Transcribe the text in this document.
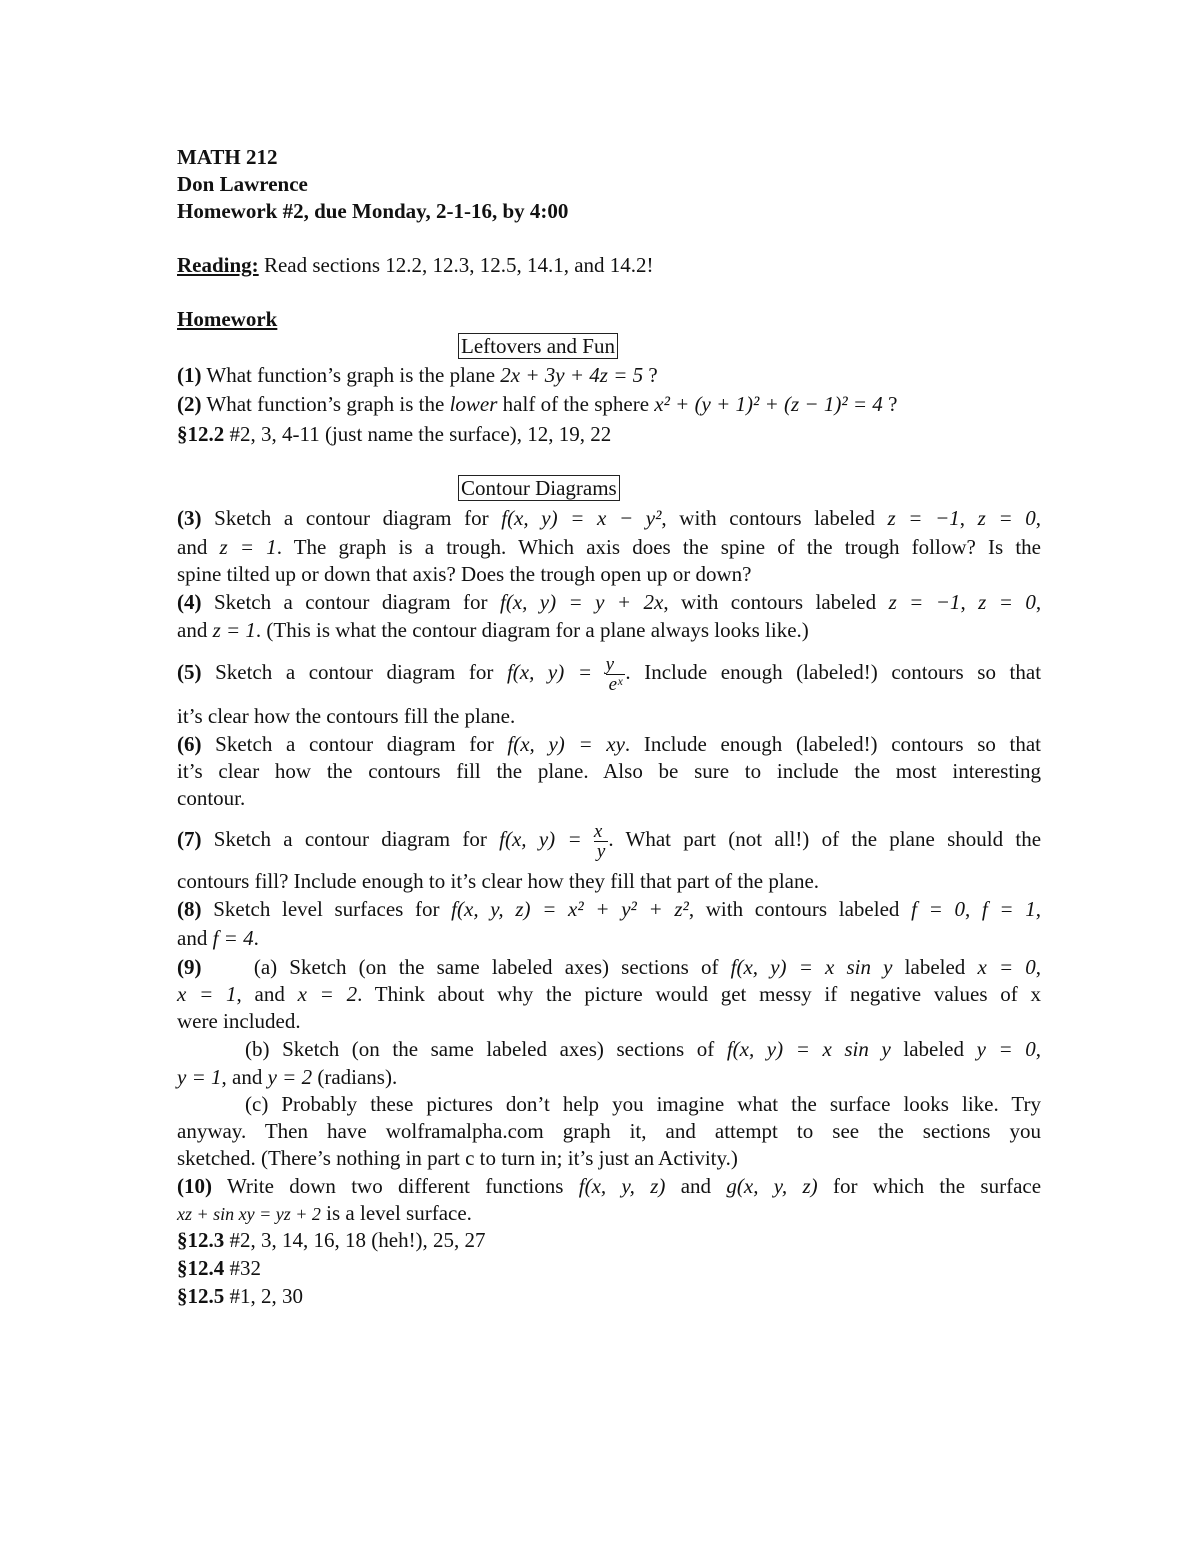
MATH 212

Don Lawrence

Homework #2, due Monday, 2-1-16, by 4:00

Reading: Read sections 12.2, 12.3, 12.5, 14.1, and 14.2!

Homework

Leftovers and Fun

(1) What function’s graph is the plane 2x + 3y + 4z = 5 ?

(2) What function’s graph is the lower half of the sphere x² + (y + 1)² + (z − 1)² = 4 ?

§12.2 #2, 3, 4-11 (just name the surface), 12, 19, 22

Contour Diagrams

(3) Sketch a contour diagram for f(x, y) = x − y², with contours labeled z = −1, z = 0,

and z = 1. The graph is a trough. Which axis does the spine of the trough follow? Is the

spine tilted up or down that axis? Does the trough open up or down?

(4) Sketch a contour diagram for f(x, y) = y + 2x, with contours labeled z = −1, z = 0,

and z = 1. (This is what the contour diagram for a plane always looks like.)

(5) Sketch a contour diagram for f(x, $y) = \frac{y}{\text{eˣ}}$ . Include enough (labeled!) contours so that

it’s clear how the contours fill the plane.

(6) Sketch a contour diagram for f(x, y) = xy. Include enough (labeled!) contours so that

it’s clear how the contours fill the plane. Also be sure to include the most interesting

contour.

(7) Sketch a contour diagram for f(x, $y) = \frac{x}{y}$ . What part (not all!) of the plane should the

contours fill? Include enough to it’s clear how they fill that part of the plane.

(8) Sketch level surfaces for f(x, y, z) = x² + y² + z², with contours labeled f = 0, f = 1,

and f = 4.

(9) (a) Sketch (on the same labeled axes) sections of f(x, y) = x sin y labeled x = 0,

x = 1, and x = 2. Think about why the picture would get messy if negative values of x

were included.

(b) Sketch (on the same labeled axes) sections of f(x, y) = x sin y labeled y = 0,

y = 1, and y = 2 (radians).

(c) Probably these pictures don’t help you imagine what the surface looks like. Try

anyway. Then have wolframalpha.com graph it, and attempt to see the sections you

sketched. (There’s nothing in part c to turn in; it’s just an Activity.)

(10) Write down two different functions f(x, y, z) and g(x, y, z) for which the surface

xz + sin xy = yz + 2 is a level surface.

§12.3 #2, 3, 14, 16, 18 (heh!), 25, 27

§12.4 #32

§12.5 #1, 2, 30
